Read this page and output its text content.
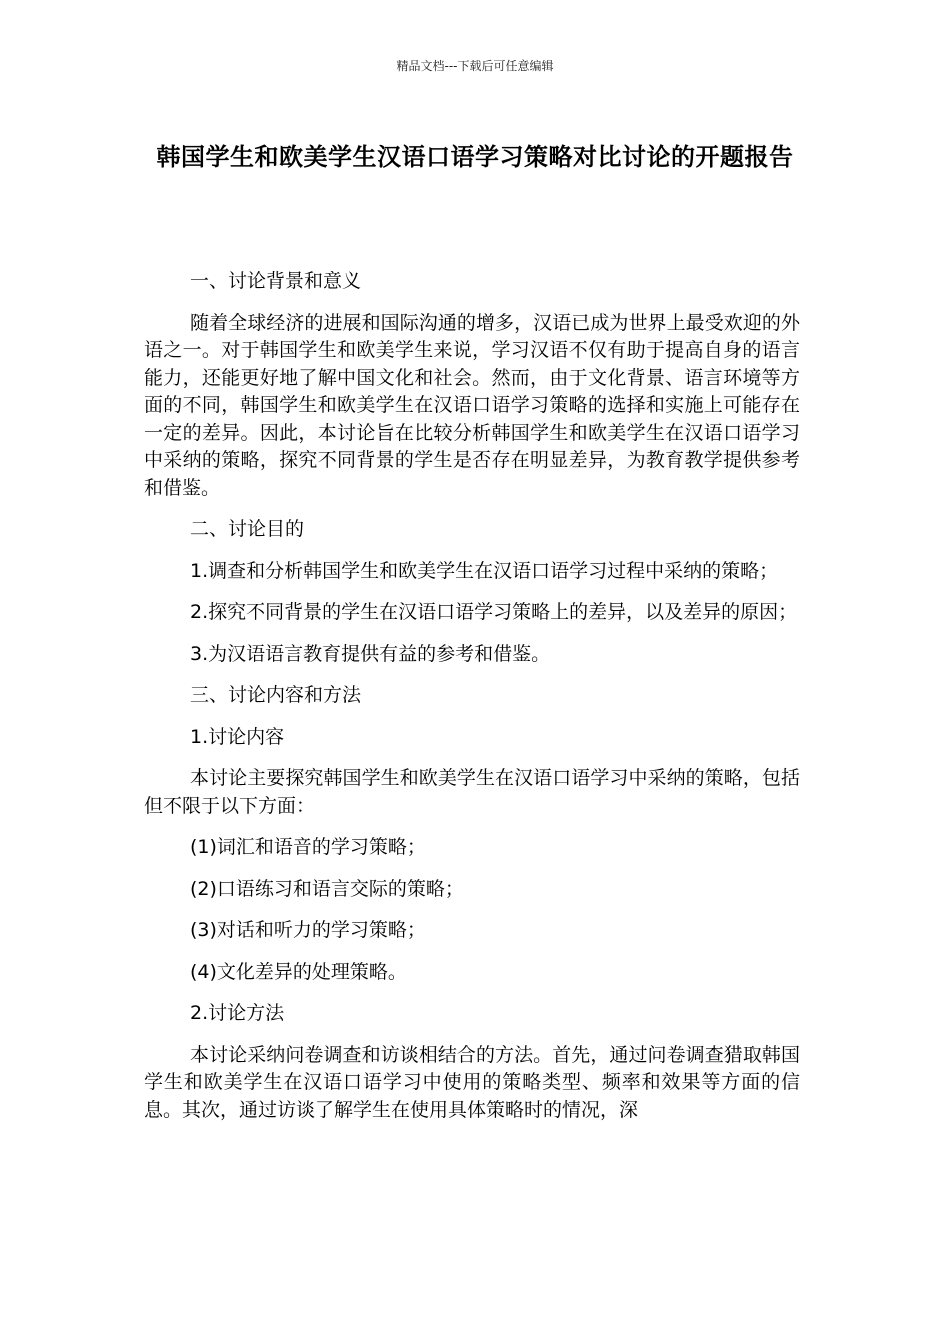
精品文档---下载后可任意编辑
韩国学生和欧美学生汉语口语学习策略对比讨论的开题报告

一、讨论背景和意义

随着全球经济的进展和国际沟通的增多，汉语已成为世界上最受欢迎的外语之一。对于韩国学生和欧美学生来说，学习汉语不仅有助于提高自身的语言能力，还能更好地了解中国文化和社会。然而，由于文化背景、语言环境等方面的不同，韩国学生和欧美学生在汉语口语学习策略的选择和实施上可能存在一定的差异。因此，本讨论旨在比较分析韩国学生和欧美学生在汉语口语学习中采纳的策略，探究不同背景的学生是否存在明显差异，为教育教学提供参考和借鉴。

二、讨论目的

1.调查和分析韩国学生和欧美学生在汉语口语学习过程中采纳的策略；

2.探究不同背景的学生在汉语口语学习策略上的差异，以及差异的原因；

3.为汉语语言教育提供有益的参考和借鉴。

三、讨论内容和方法

1.讨论内容

本讨论主要探究韩国学生和欧美学生在汉语口语学习中采纳的策略，包括但不限于以下方面：

(1)词汇和语音的学习策略；

(2)口语练习和语言交际的策略；

(3)对话和听力的学习策略；

(4)文化差异的处理策略。

2.讨论方法

本讨论采纳问卷调查和访谈相结合的方法。首先，通过问卷调查猎取韩国学生和欧美学生在汉语口语学习中使用的策略类型、频率和效果等方面的信息。其次，通过访谈了解学生在使用具体策略时的情况，深
